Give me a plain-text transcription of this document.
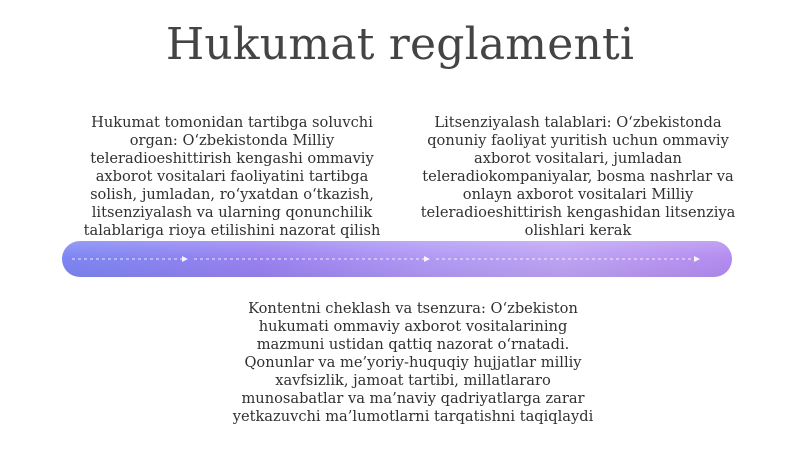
Hukumat reglamenti
Hukumat tomonidan tartibga soluvchi organ: O‘zbekistonda Milliy teleradioeshittirish kengashi ommaviy axborot vositalari faoliyatini tartibga solish, jumladan, ro‘yxatdan o‘tkazish, litsenziyalash va ularning qonunchilik talablariga rioya etilishini nazorat qilish
Litsenziyalash talablari: O‘zbekistonda qonuniy faoliyat yuritish uchun ommaviy axborot vositalari, jumladan teleradiokompaniyalar, bosma nashrlar va onlayn axborot vositalari Milliy teleradioeshittirish kengashidan litsenziya olishlari kerak
Kontentni cheklash va tsenzura: O‘zbekiston hukumati ommaviy axborot vositalarining mazmuni ustidan qattiq nazorat o‘rnatadi. Qonunlar va me’yoriy-huquqiy hujjatlar milliy xavfsizlik, jamoat tartibi, millatlararo munosabatlar va ma’naviy qadriyatlarga zarar yetkazuvchi ma’lumotlarni tarqatishni taqiqlaydi
